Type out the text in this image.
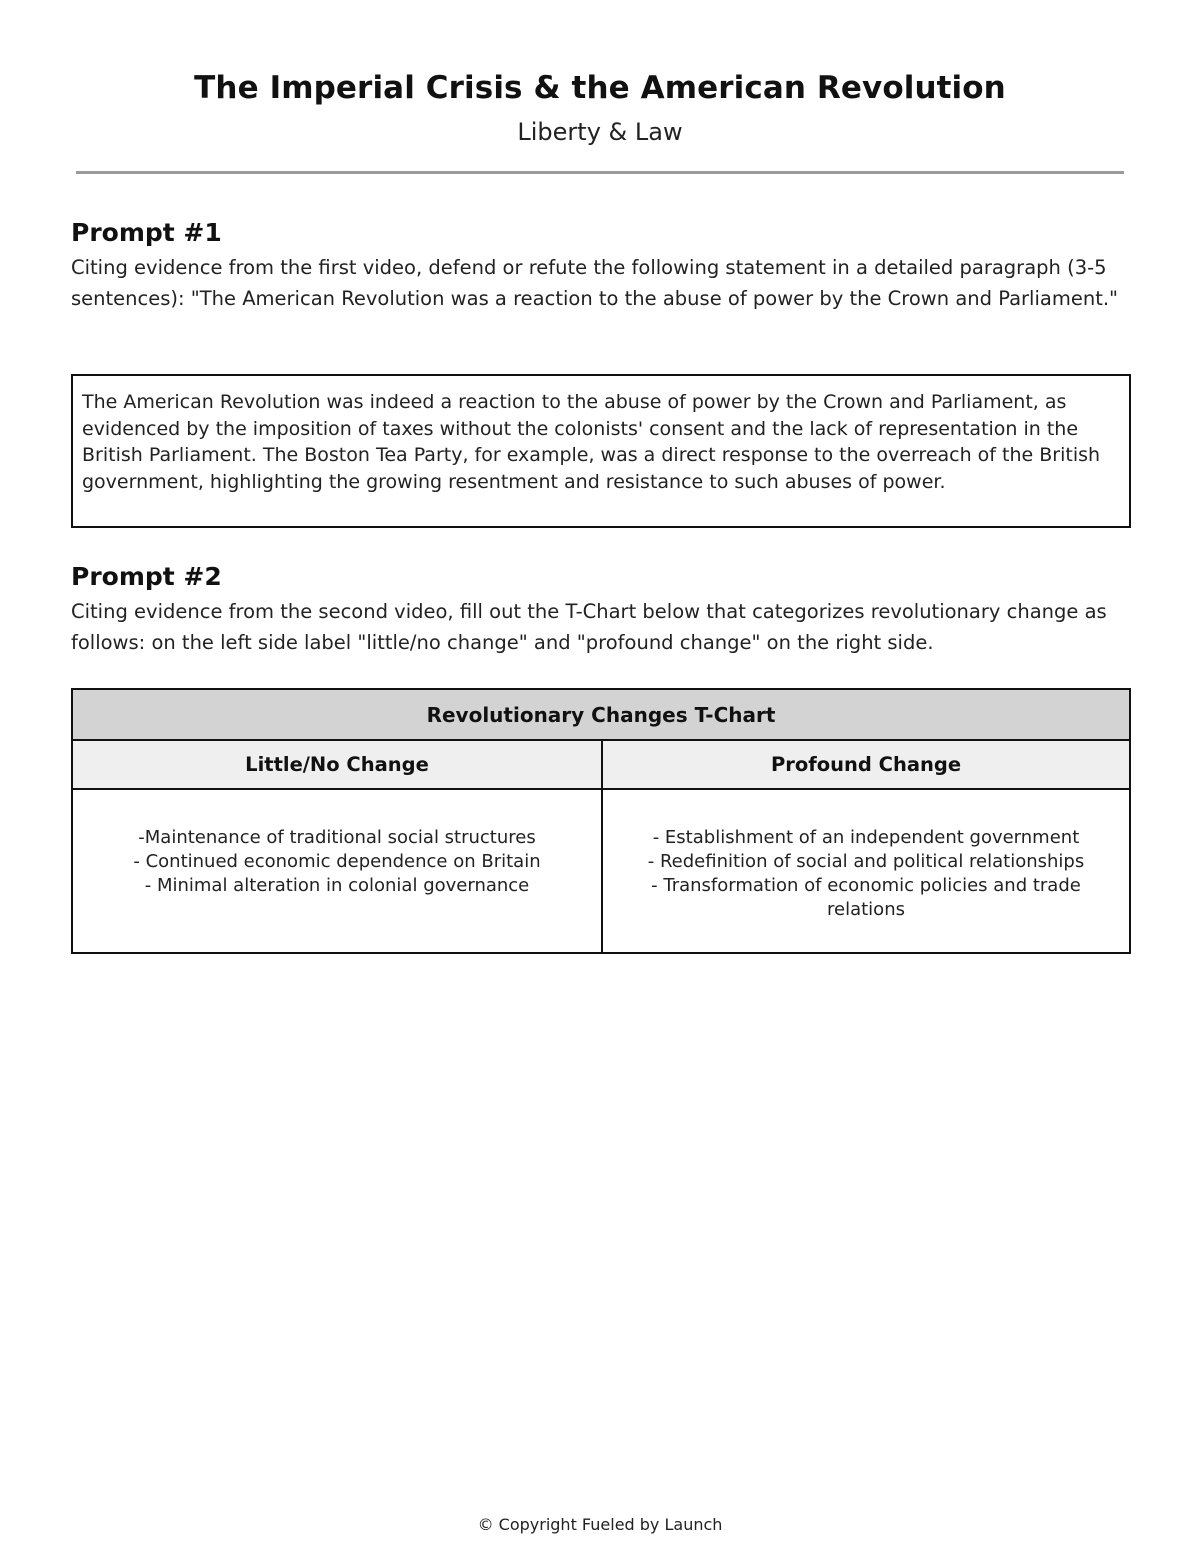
The Imperial Crisis & the American Revolution
Liberty & Law
Prompt #1
Citing evidence from the first video, defend or refute the following statement in a detailed paragraph (3-5 sentences): "The American Revolution was a reaction to the abuse of power by the Crown and Parliament."
The American Revolution was indeed a reaction to the abuse of power by the Crown and Parliament, as evidenced by the imposition of taxes without the colonists' consent and the lack of representation in the British Parliament. The Boston Tea Party, for example, was a direct response to the overreach of the British government, highlighting the growing resentment and resistance to such abuses of power.
Prompt #2
Citing evidence from the second video, fill out the T-Chart below that categorizes revolutionary change as follows: on the left side label "little/no change" and "profound change" on the right side.
Revolutionary Changes T-Chart
Little/No Change	Profound Change
-Maintenance of traditional social structures
- Continued economic dependence on Britain
- Minimal alteration in colonial governance
- Establishment of an independent government
- Redefinition of social and political relationships
- Transformation of economic policies and trade relations
© Copyright Fueled by Launch
